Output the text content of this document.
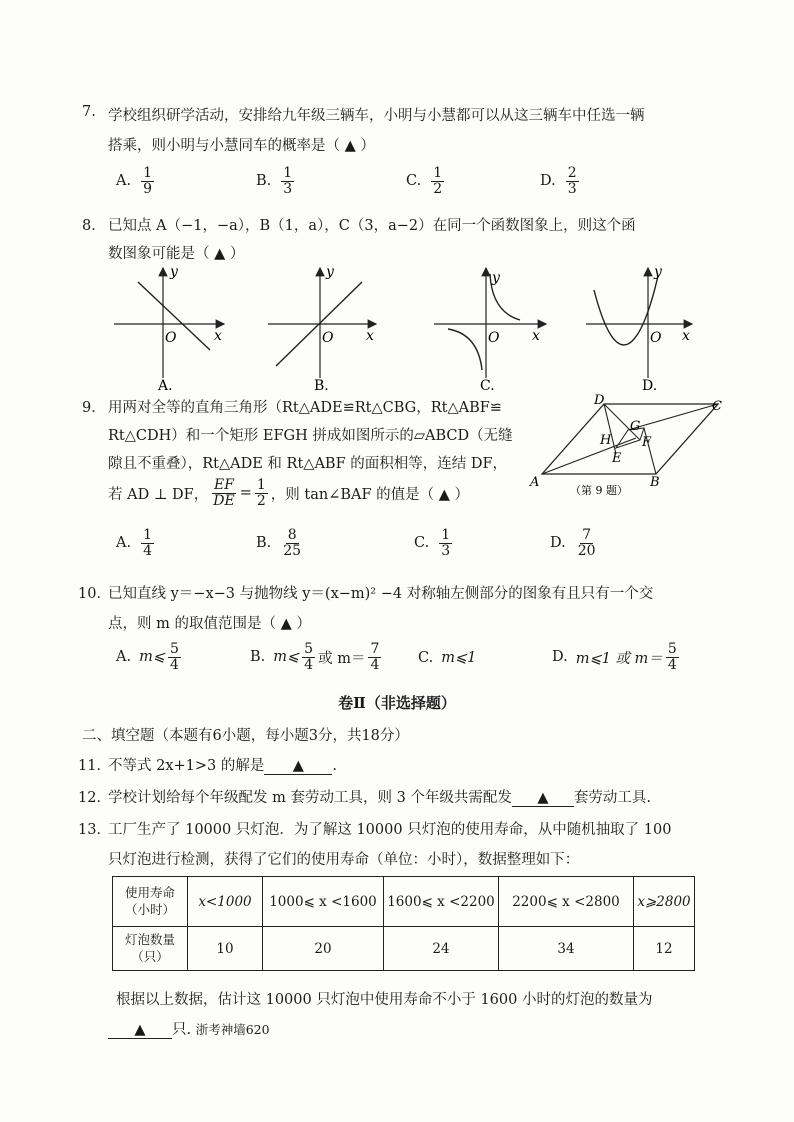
7. 学校组织研学活动，安排给九年级三辆车，小明与小慧都可以从这三辆车中任选一辆
搭乘，则小明与小慧同车的概率是（ ▲ ）
A. $\frac{1}{9}$	B. $\frac{1}{3}$	C. $\frac{1}{2}$	D. $\frac{2}{3}$
8． 已知点 A（−1，−a），B（1，a），C（3，a−2）在同一个函数图象上，则这个函
数图象可能是（ ▲ ）
y
x
O
A.
y
x
O
B.
y
x
O
C.
y
x
O
D.
9． 用两对全等的直角三角形（Rt△ADE≌Rt△CBG，Rt△ABF≌
Rt△CDH）和一个矩形 EFGH 拼成如图所示的▱ABCD（无缝
隙且不重叠），Rt△ADE 和 Rt△ABF 的面积相等，连结 DF，
若 AD ⊥ DF， $\frac{EF}{DE} = \frac{1}{2}$ ，则 tan∠BAF 的值是（ ▲ ）
D	C
G
H F
E
A	B
（第 9 题）
A. $\frac{1}{4}$	B. $\frac{8}{25}$	C. $\frac{1}{3}$	D. $\frac{7}{20}$
10．
已知直线 y＝−x−3 与抛物线 y＝(x−m)² −4 对称轴左侧部分的图象有且只有一个交
点，则 m 的取值范围是（ ▲ ）
A. m⩽ $\frac{5}{4}$	B. m⩽ $\frac{5}{4}$ 或 $m= \frac{7}{4}$	C. m⩽1	D. m⩽1 或 $m= \frac{5}{4}$
卷Ⅱ（非选择题）
二、填空题（本题有6小题，每小题3分，共18分）
11．
不等式 2x+1>3 的解是 ▲ .
12．
学校计划给每个年级配发 m 套劳动工具，则 3 个年级共需配发 ▲ 套劳动工具.
13．
工厂生产了 10000 只灯泡．为了解这 10000 只灯泡的使用寿命，从中随机抽取了 100
只灯泡进行检测，获得了它们的使用寿命（单位：小时），数据整理如下：
使用寿命
（小时）	x<1000	1000⩽ x <1600	1600⩽ x <2200	2200⩽ x <2800	x⩾2800
灯泡数量
（只）	10	20	24	34	12
根据以上数据，估计这 10000 只灯泡中使用寿命不小于 1600 小时的灯泡的数量为
▲ 只. 浙考神墙620
